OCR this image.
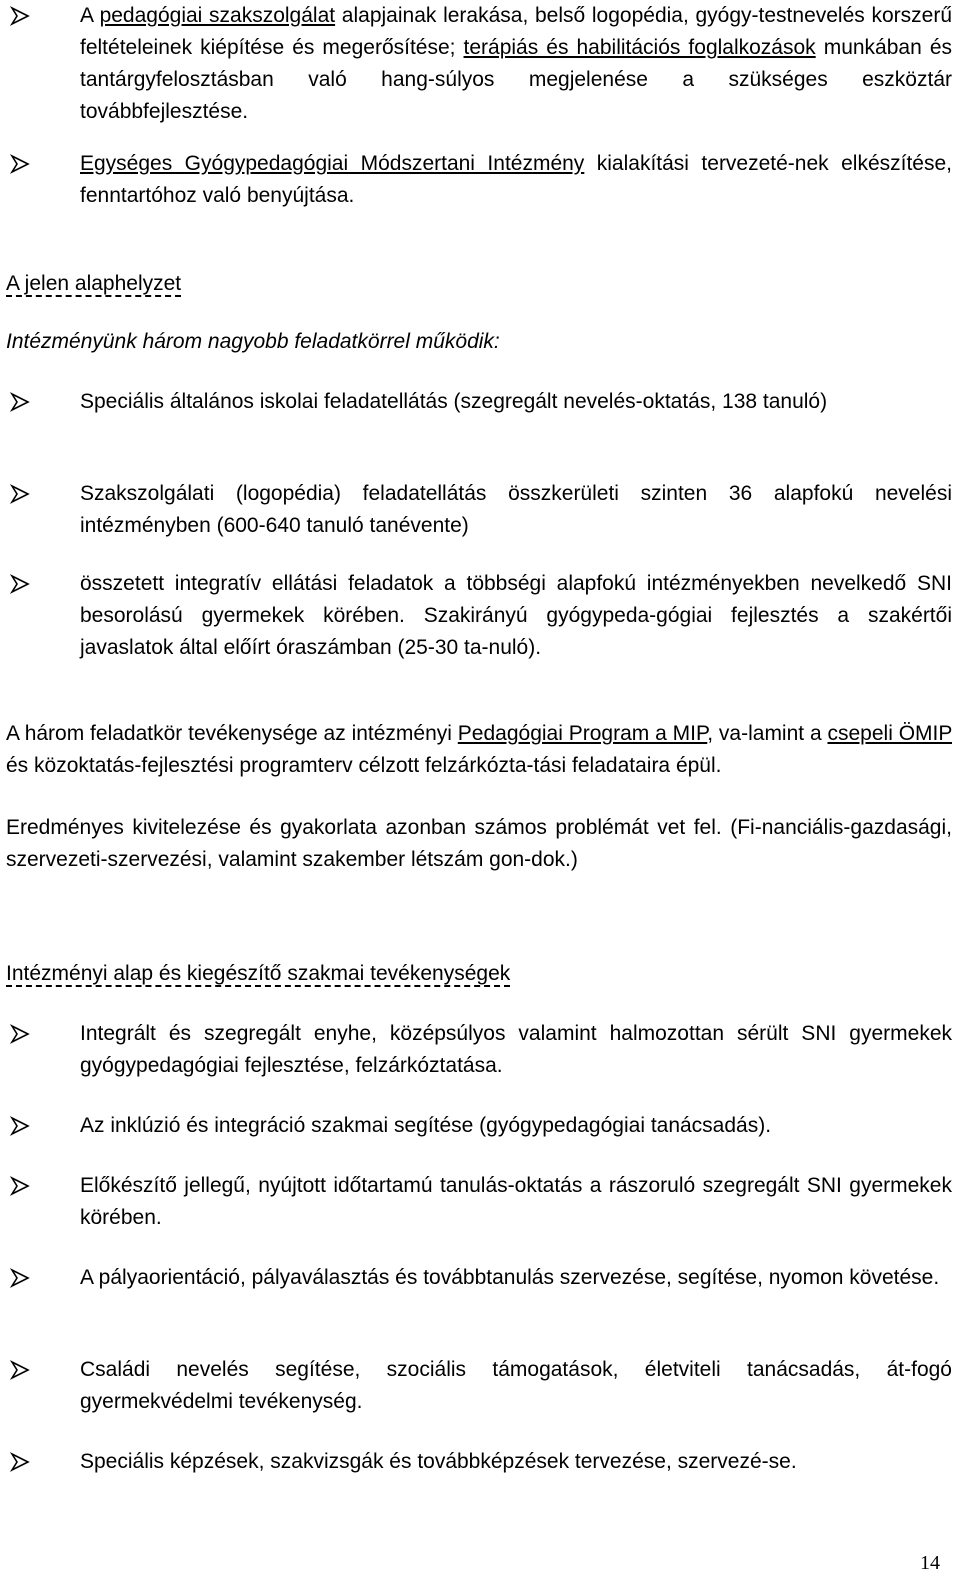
A pedagógiai szakszolgálat alapjainak lerakása, belső logopédia, gyógy-testnevelés korszerű feltételeinek kiépítése és megerősítése; terápiás és habilitációs foglalkozások munkában és tantárgyfelosztásban való hang-súlyos megjelenése a szükséges eszköztár továbbfejlesztése.
Egységes Gyógypedagógiai Módszertani Intézmény kialakítási tervezeté-nek elkészítése, fenntartóhoz való benyújtása.
A jelen alaphelyzet
Intézményünk három nagyobb feladatkörrel működik:
Speciális általános iskolai feladatellátás (szegregált nevelés-oktatás, 138 tanuló)
Szakszolgálati (logopédia) feladatellátás összkerületi szinten 36 alapfokú nevelési intézményben (600-640 tanuló tanévente)
összetett integratív ellátási feladatok a többségi alapfokú intézményekben nevelkedő SNI besorolású gyermekek körében. Szakirányú gyógypeda-gógiai fejlesztés a szakértői javaslatok által előírt óraszámban (25-30 ta-nuló).
A három feladatkör tevékenysége az intézményi Pedagógiai Program a MIP, va-lamint a csepeli ÖMIP és közoktatás-fejlesztési programterv célzott felzárkózta-tási feladataira épül.
Eredményes kivitelezése és gyakorlata azonban számos problémát vet fel. (Fi-nanciális-gazdasági, szervezeti-szervezési, valamint szakember létszám gon-dok.)
Intézményi alap és kiegészítő szakmai tevékenységek
Integrált és szegregált enyhe, középsúlyos valamint halmozottan sérült SNI gyermekek gyógypedagógiai fejlesztése, felzárkóztatása.
Az inklúzió és integráció szakmai segítése (gyógypedagógiai tanácsadás).
Előkészítő jellegű, nyújtott időtartamú tanulás-oktatás a rászoruló szegregált SNI gyermekek körében.
A pályaorientáció, pályaválasztás és továbbtanulás szervezése, segítése, nyomon követése.
Családi nevelés segítése, szociális támogatások, életviteli tanácsadás, át-fogó gyermekvédelmi tevékenység.
Speciális képzések, szakvizsgák és továbbképzések tervezése, szervezé-se.
14
